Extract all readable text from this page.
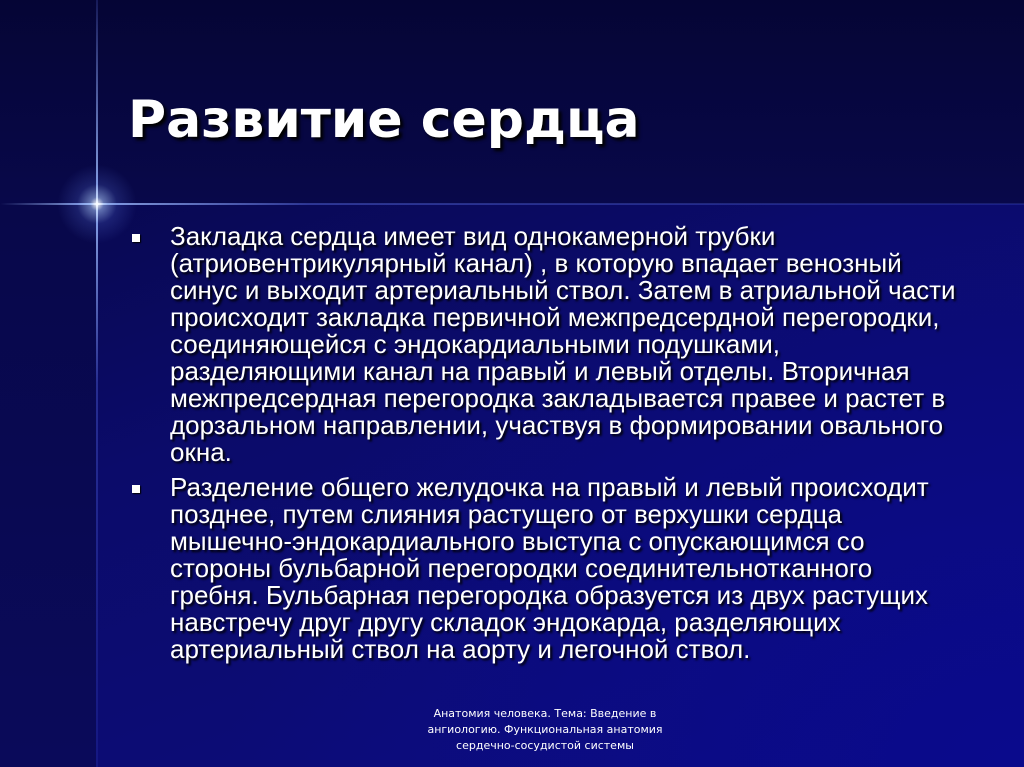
Развитие сердца
Закладка сердца имеет вид однокамерной трубки (атриовентрикулярный канал) , в которую впадает венозный синус и выходит артериальный ствол. Затем в атриальной части происходит закладка первичной межпредсердной перегородки, соединяющейся с эндокардиальными подушками, разделяющими канал на правый и левый отделы. Вторичная межпредсердная перегородка закладывается правее и растет в дорзальном направлении, участвуя в формировании овального окна.
Разделение общего желудочка на правый и левый происходит позднее, путем слияния растущего от верхушки сердца мышечно-эндокардиального выступа с опускающимся со стороны бульбарной перегородки соединительнотканного гребня. Бульбарная перегородка образуется из двух растущих навстречу друг другу складок эндокарда, разделяющих артериальный ствол на аорту и легочной ствол.
Анатомия человека. Тема: Введение в ангиологию. Функциональная анатомия сердечно-сосудистой системы
